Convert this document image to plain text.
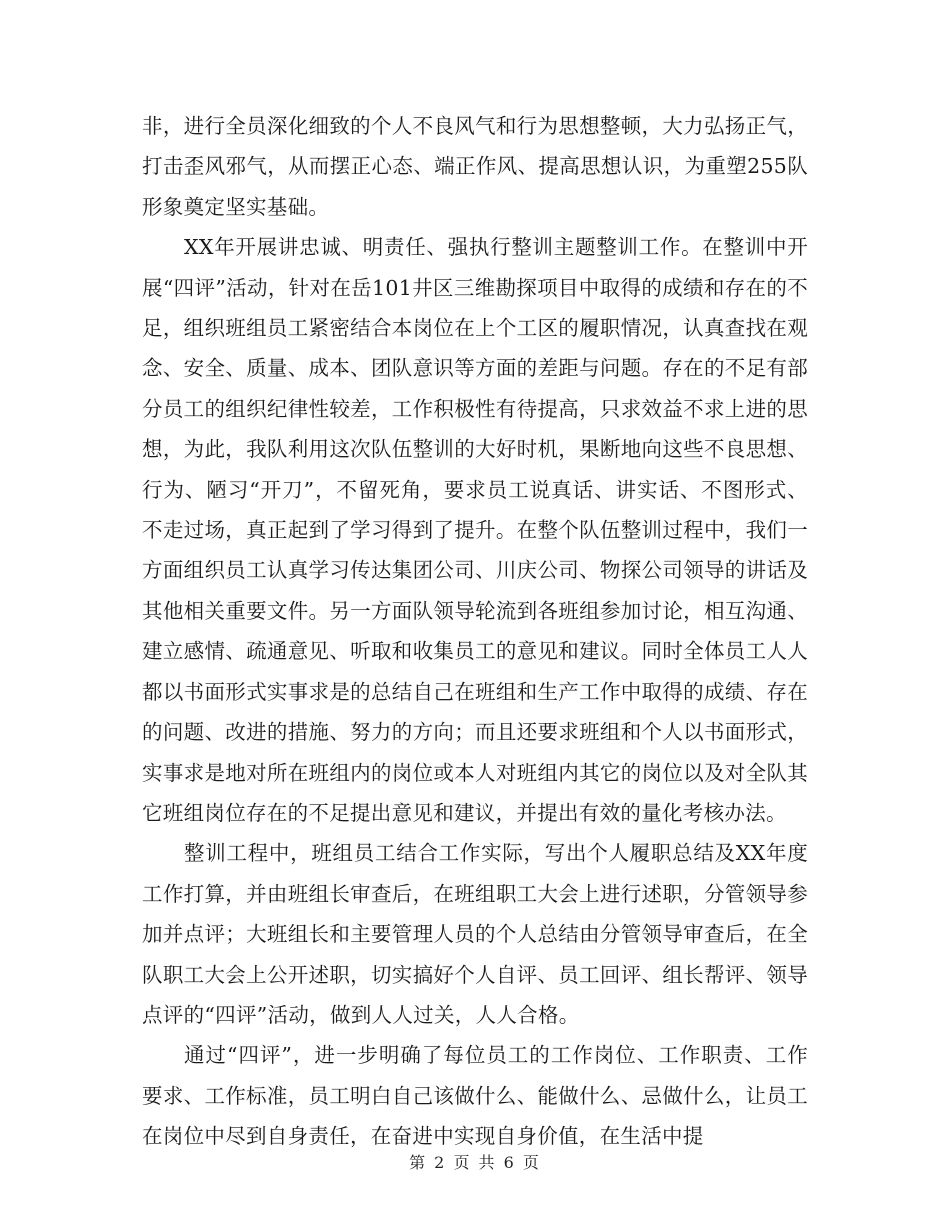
非，进行全员深化细致的个人不良风气和行为思想整顿，大力弘扬正气，打击歪风邪气，从而摆正心态、端正作风、提高思想认识，为重塑255队形象奠定坚实基础。

XX年开展讲忠诚、明责任、强执行整训主题整训工作。在整训中开展“四评”活动，针对在岳101井区三维勘探项目中取得的成绩和存在的不足，组织班组员工紧密结合本岗位在上个工区的履职情况，认真查找在观念、安全、质量、成本、团队意识等方面的差距与问题。存在的不足有部分员工的组织纪律性较差，工作积极性有待提高，只求效益不求上进的思想，为此，我队利用这次队伍整训的大好时机，果断地向这些不良思想、行为、陋习“开刀”，不留死角，要求员工说真话、讲实话、不图形式、不走过场，真正起到了学习得到了提升。在整个队伍整训过程中，我们一方面组织员工认真学习传达集团公司、川庆公司、物探公司领导的讲话及其他相关重要文件。另一方面队领导轮流到各班组参加讨论，相互沟通、建立感情、疏通意见、听取和收集员工的意见和建议。同时全体员工人人都以书面形式实事求是的总结自己在班组和生产工作中取得的成绩、存在的问题、改进的措施、努力的方向；而且还要求班组和个人以书面形式，实事求是地对所在班组内的岗位或本人对班组内其它的岗位以及对全队其它班组岗位存在的不足提出意见和建议，并提出有效的量化考核办法。

整训工程中，班组员工结合工作实际，写出个人履职总结及XX年度工作打算，并由班组长审查后，在班组职工大会上进行述职，分管领导参加并点评；大班组长和主要管理人员的个人总结由分管领导审查后，在全队职工大会上公开述职，切实搞好个人自评、员工回评、组长帮评、领导点评的“四评”活动，做到人人过关，人人合格。

通过“四评”，进一步明确了每位员工的工作岗位、工作职责、工作要求、工作标准，员工明白自己该做什么、能做什么、忌做什么，让员工在岗位中尽到自身责任，在奋进中实现自身价值，在生活中提

第 2 页 共 6 页
